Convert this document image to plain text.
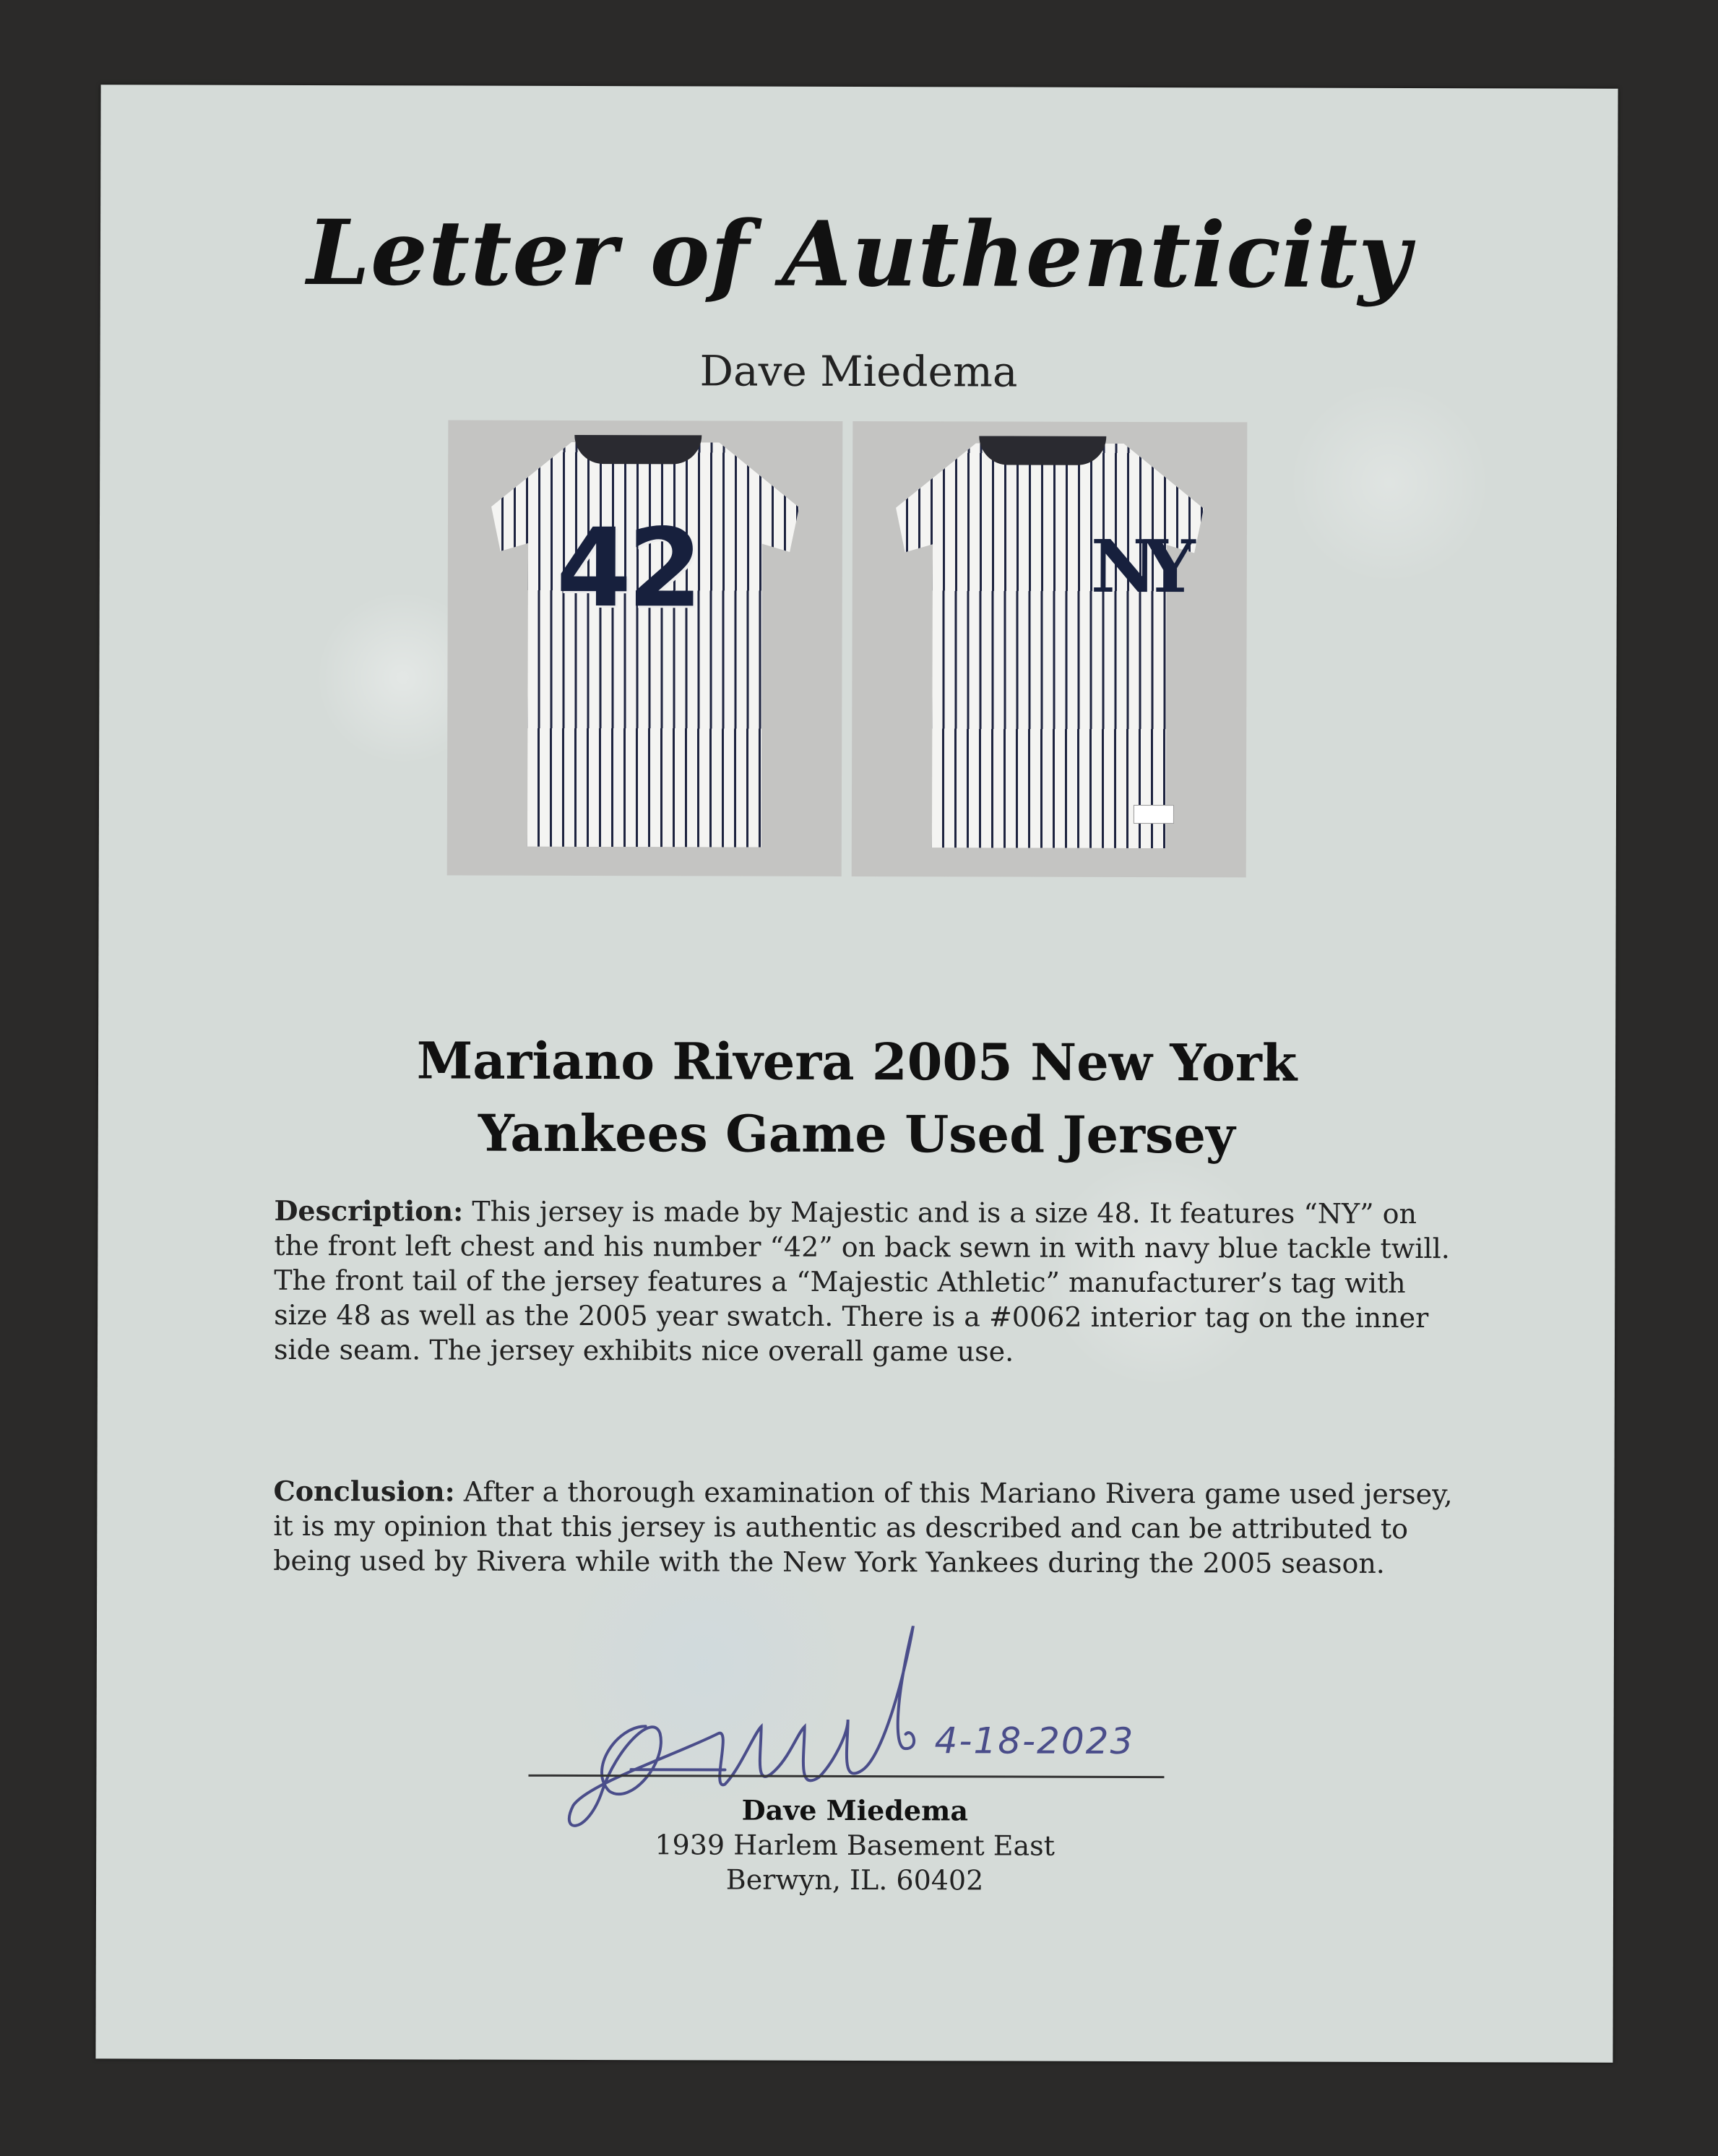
Letter of Authenticity
Dave Miedema
42	NY
Mariano Rivera 2005 New York
Yankees Game Used Jersey

Description: This jersey is made by Majestic and is a size 48. It features “NY” on the front left chest and his number “42” on back sewn in with navy blue tackle twill. The front tail of the jersey features a “Majestic Athletic” manufacturer’s tag with size 48 as well as the 2005 year swatch. There is a #0062 interior tag on the inner side seam. The jersey exhibits nice overall game use.

Conclusion: After a thorough examination of this Mariano Rivera game used jersey, it is my opinion that this jersey is authentic as described and can be attributed to being used by Rivera while with the New York Yankees during the 2005 season.

4-18-2023
Dave Miedema
1939 Harlem Basement East
Berwyn, IL. 60402
